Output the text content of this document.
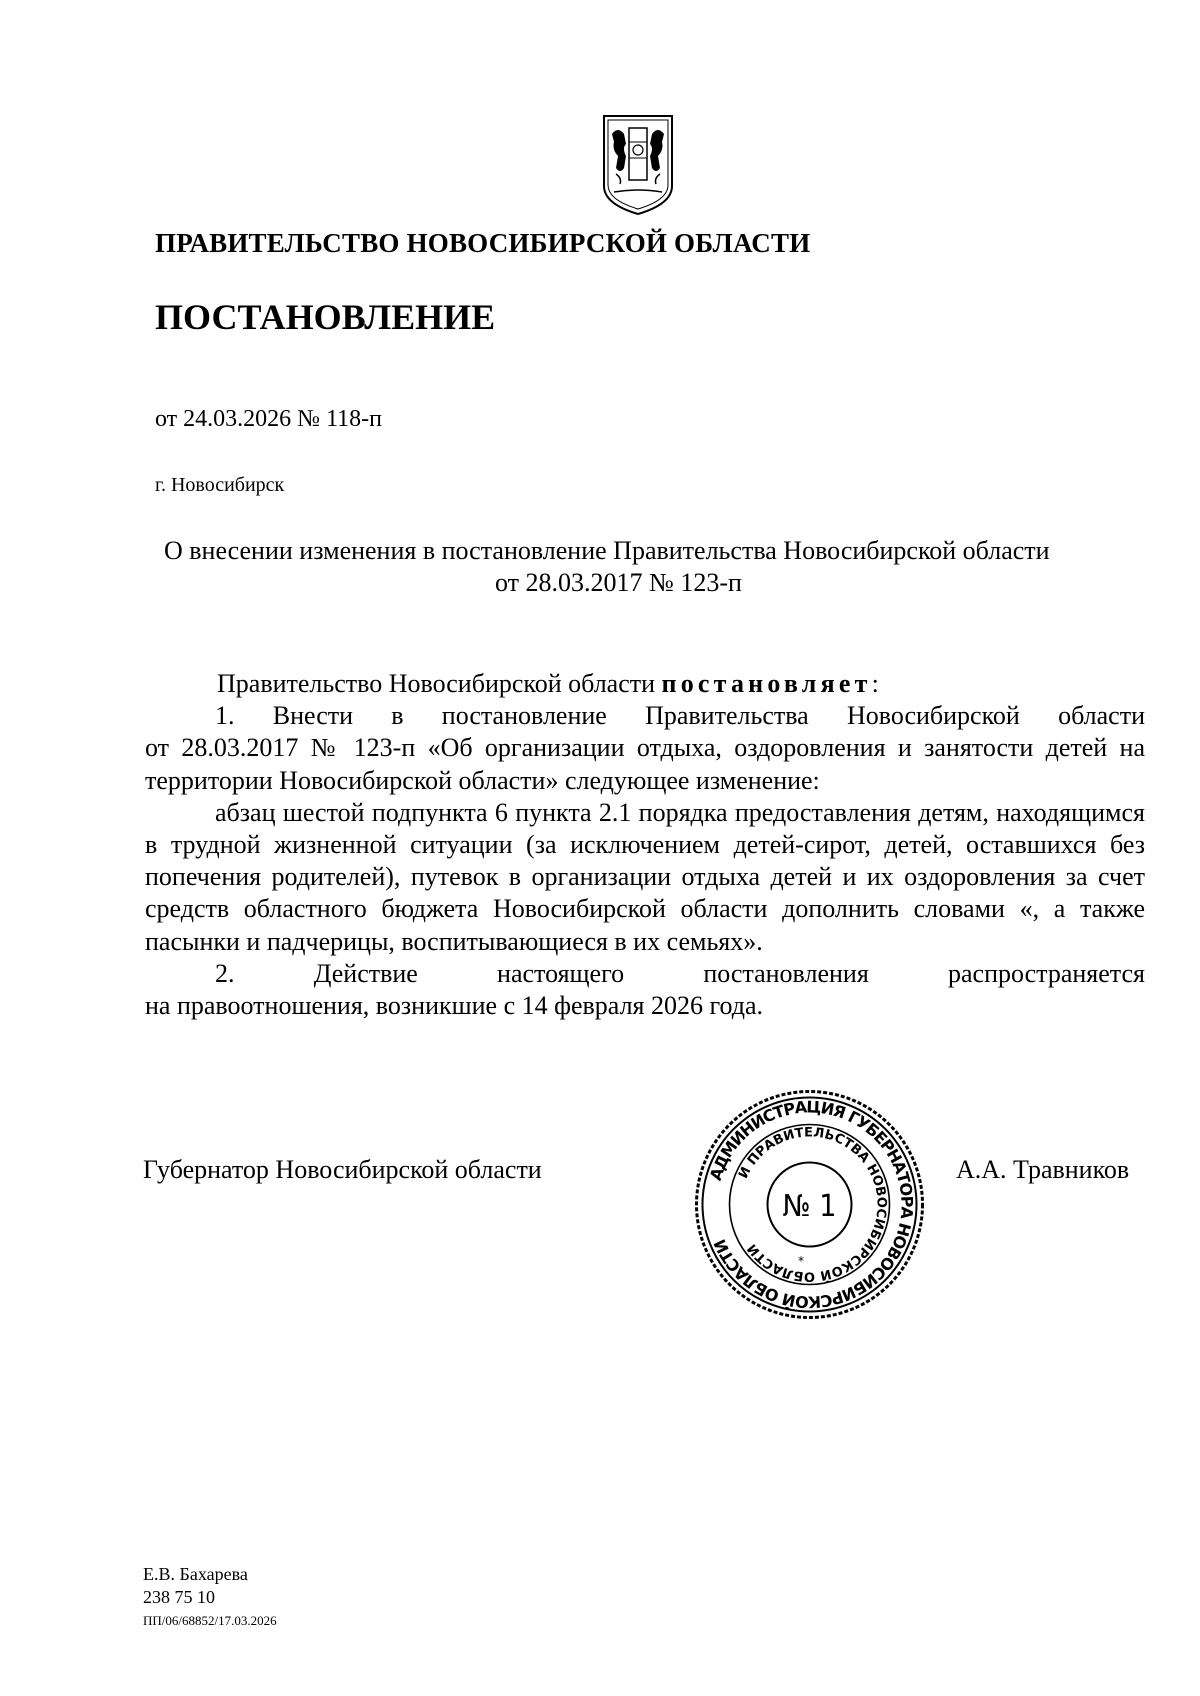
ПРАВИТЕЛЬСТВО НОВОСИБИРСКОЙ ОБЛАСТИ
ПОСТАНОВЛЕНИЕ
от 24.03.2026 № 118-п
г. Новосибирск
О внесении изменения в постановление Правительства Новосибирской области
от 28.03.2017 № 123-п

Правительство Новосибирской области постановляет:

1. Внести в постановление Правительства Новосибирской области

от 28.03.2017 № 123-п «Об организации отдыха, оздоровления и занятости детей на территории Новосибирской области» следующее изменение:

абзац шестой подпункта 6 пункта 2.1 порядка предоставления детям, находящимся в трудной жизненной ситуации (за исключением детей-сирот, детей, оставшихся без попечения родителей), путевок в организации отдыха детей и их оздоровления за счет средств областного бюджета Новосибирской области дополнить словами «, а также пасынки и падчерицы, воспитывающиеся в их семьях».

2. Действие настоящего постановления распространяется

на правоотношения, возникшие с 14 февраля 2026 года.

Губернатор Новосибирской области	А.А. Травников
АДМИНИСТРАЦИЯ ГУБЕРНАТОРА НОВОСИБИРСКОЙ ОБЛАСТИ
И ПРАВИТЕЛЬСТВА НОВОСИБИРСКОЙ ОБЛАСТИ
№ 1
*
Е.В. Бахарева
238 75 10
ПП/06/68852/17.03.2026
